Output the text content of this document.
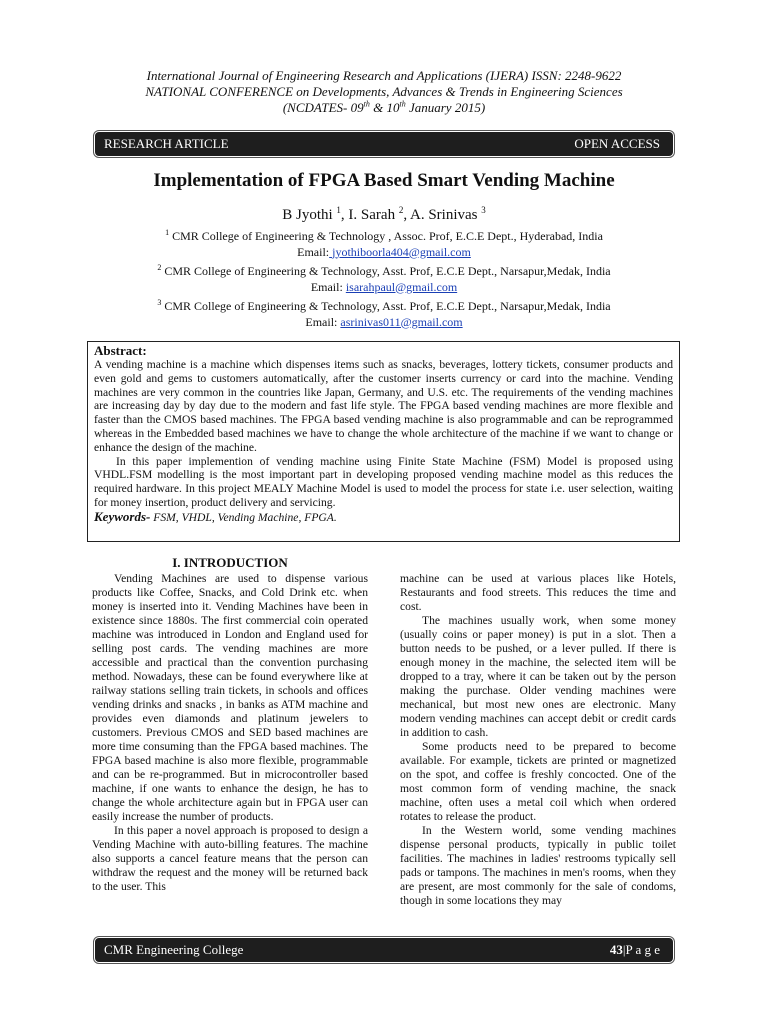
International Journal of Engineering Research and Applications (IJERA) ISSN: 2248-9622
NATIONAL CONFERENCE on Developments, Advances & Trends in Engineering Sciences
(NCDATES- 09th & 10th January 2015)
RESEARCH ARTICLE	OPEN ACCESS
Implementation of FPGA Based Smart Vending Machine
B Jyothi $^1$, I. Sarah $^2$, A. Srinivas $^3$
$^1$ CMR College of Engineering & Technology , Assoc. Prof, E.C.E Dept., Hyderabad, India
Email: jyothiboorla404@gmail.com
$^2$ CMR College of Engineering & Technology, Asst. Prof, E.C.E Dept., Narsapur,Medak, India
Email: isarahpaul@gmail.com
$^3$ CMR College of Engineering & Technology, Asst. Prof, E.C.E Dept., Narsapur,Medak, India
Email: asrinivas011@gmail.com
Abstract:

A vending machine is a machine which dispenses items such as snacks, beverages, lottery tickets, consumer products and even gold and gems to customers automatically, after the customer inserts currency or card into the machine. Vending machines are very common in the countries like Japan, Germany, and U.S. etc. The requirements of the vending machines are increasing day by day due to the modern and fast life style. The FPGA based vending machines are more flexible and faster than the CMOS based machines. The FPGA based vending machine is also programmable and can be reprogrammed whereas in the Embedded based machines we have to change the whole architecture of the machine if we want to change or enhance the design of the machine.

In this paper implemention of vending machine using Finite State Machine (FSM) Model is proposed using VHDL.FSM modelling is the most important part in developing proposed vending machine model as this reduces the required hardware. In this project MEALY Machine Model is used to model the process for state i.e. user selection, waiting for money insertion, product delivery and servicing.

Keywords- FSM, VHDL, Vending Machine, FPGA.

I. INTRODUCTION

Vending Machines are used to dispense various products like Coffee, Snacks, and Cold Drink etc. when money is inserted into it. Vending Machines have been in existence since 1880s. The first commercial coin operated machine was introduced in London and England used for selling post cards. The vending machines are more accessible and practical than the convention purchasing method. Nowadays, these can be found everywhere like at railway stations selling train tickets, in schools and offices vending drinks and snacks , in banks as ATM machine and provides even diamonds and platinum jewelers to customers. Previous CMOS and SED based machines are more time consuming than the FPGA based machines. The FPGA based machine is also more flexible, programmable and can be re-programmed. But in microcontroller based machine, if one wants to enhance the design, he has to change the whole architecture again but in FPGA user can easily increase the number of products.

In this paper a novel approach is proposed to design a Vending Machine with auto-billing features. The machine also supports a cancel feature means that the person can withdraw the request and the money will be returned back to the user. This

machine can be used at various places like Hotels, Restaurants and food streets. This reduces the time and cost.

The machines usually work, when some money (usually coins or paper money) is put in a slot. Then a button needs to be pushed, or a lever pulled. If there is enough money in the machine, the selected item will be dropped to a tray, where it can be taken out by the person making the purchase. Older vending machines were mechanical, but most new ones are electronic. Many modern vending machines can accept debit or credit cards in addition to cash.

Some products need to be prepared to become available. For example, tickets are printed or magnetized on the spot, and coffee is freshly concocted. One of the most common form of vending machine, the snack machine, often uses a metal coil which when ordered rotates to release the product.

In the Western world, some vending machines dispense personal products, typically in public toilet facilities. The machines in ladies' restrooms typically sell pads or tampons. The machines in men's rooms, when they are present, are most commonly for the sale of condoms, though in some locations they may

CMR Engineering College	43|P a g e
